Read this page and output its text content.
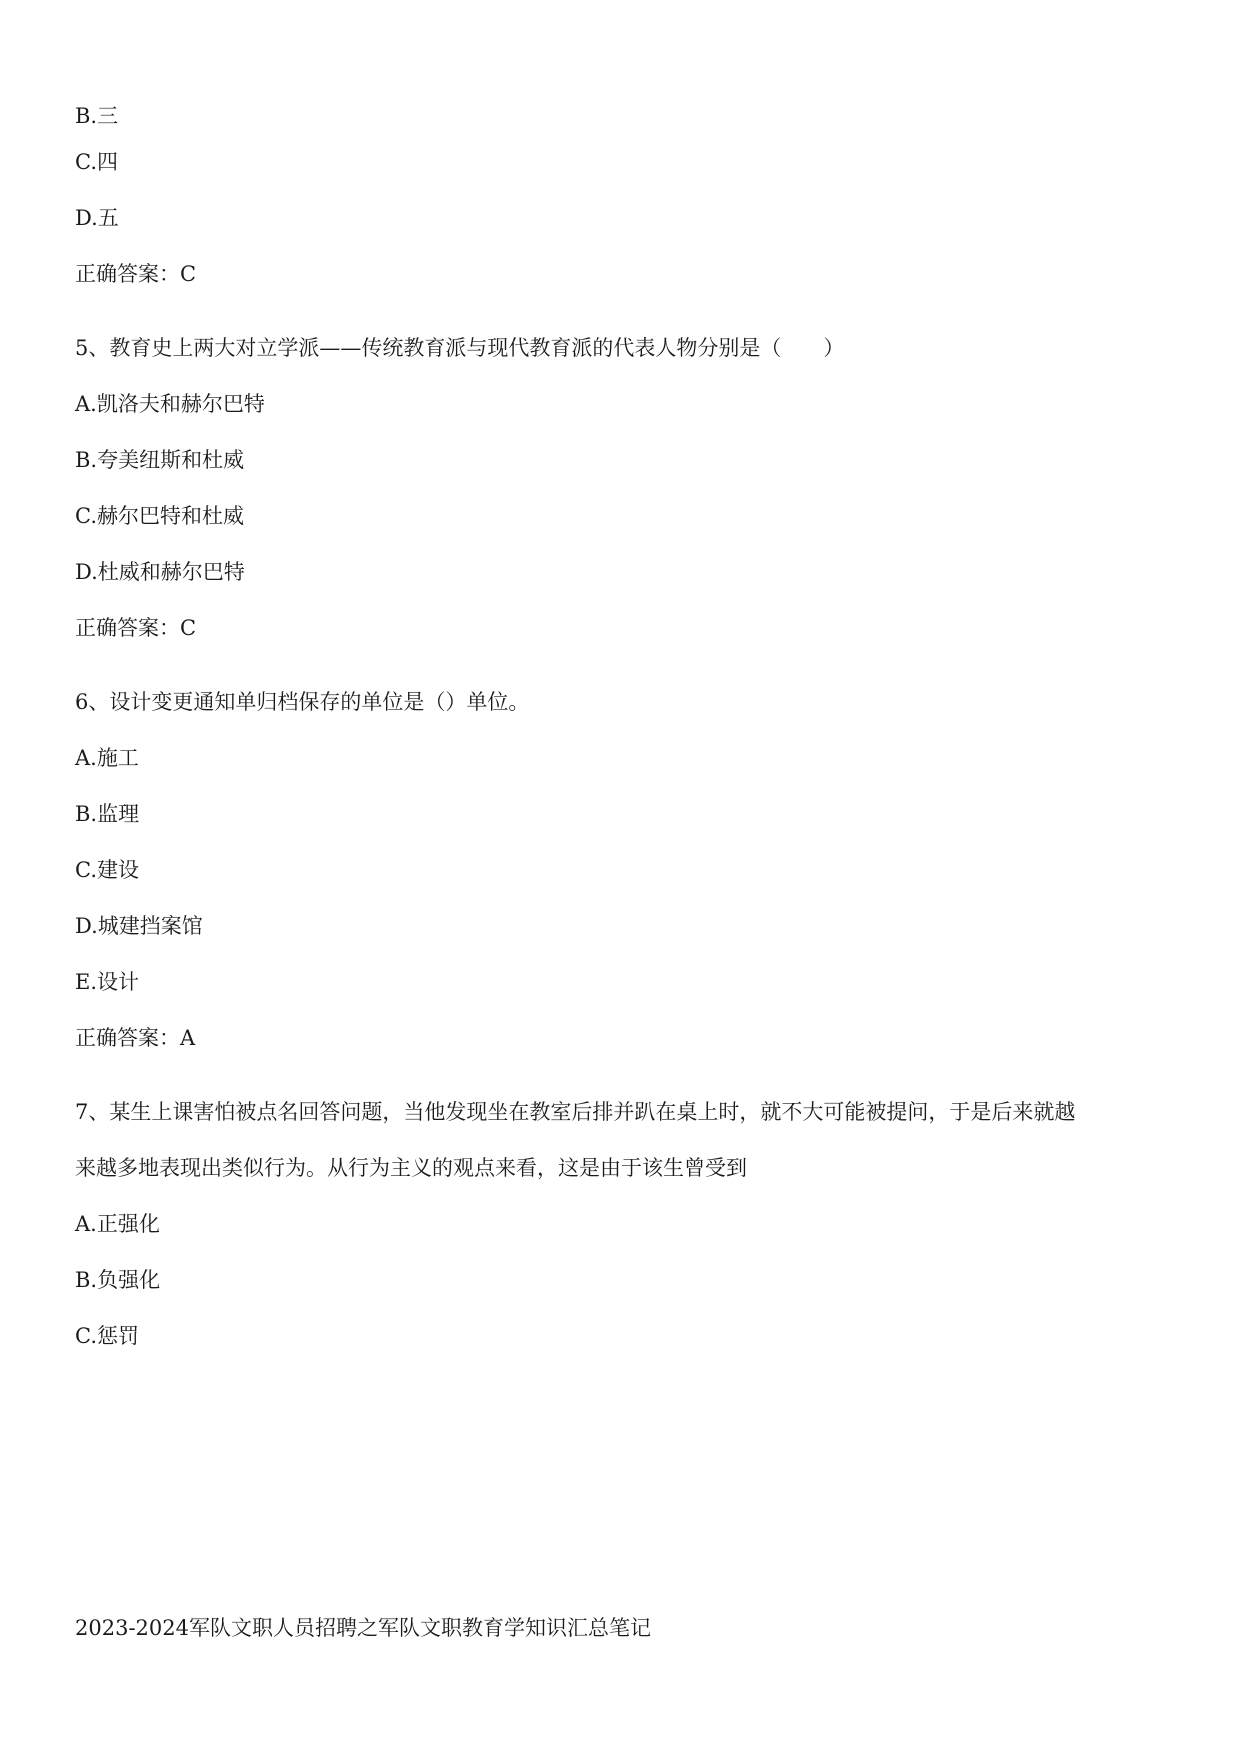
B.三
C.四
D.五
正确答案：C
5、教育史上两大对立学派——传统教育派与现代教育派的代表人物分别是（　　）
A.凯洛夫和赫尔巴特
B.夸美纽斯和杜威
C.赫尔巴特和杜威
D.杜威和赫尔巴特
正确答案：C
6、设计变更通知单归档保存的单位是（）单位。
A.施工
B.监理
C.建设
D.城建挡案馆
E.设计
正确答案：A
7、某生上课害怕被点名回答问题，当他发现坐在教室后排并趴在桌上时，就不大可能被提问，于是后来就越
来越多地表现出类似行为。从行为主义的观点来看，这是由于该生曾受到
A.正强化
B.负强化
C.惩罚
2023-2024军队文职人员招聘之军队文职教育学知识汇总笔记
